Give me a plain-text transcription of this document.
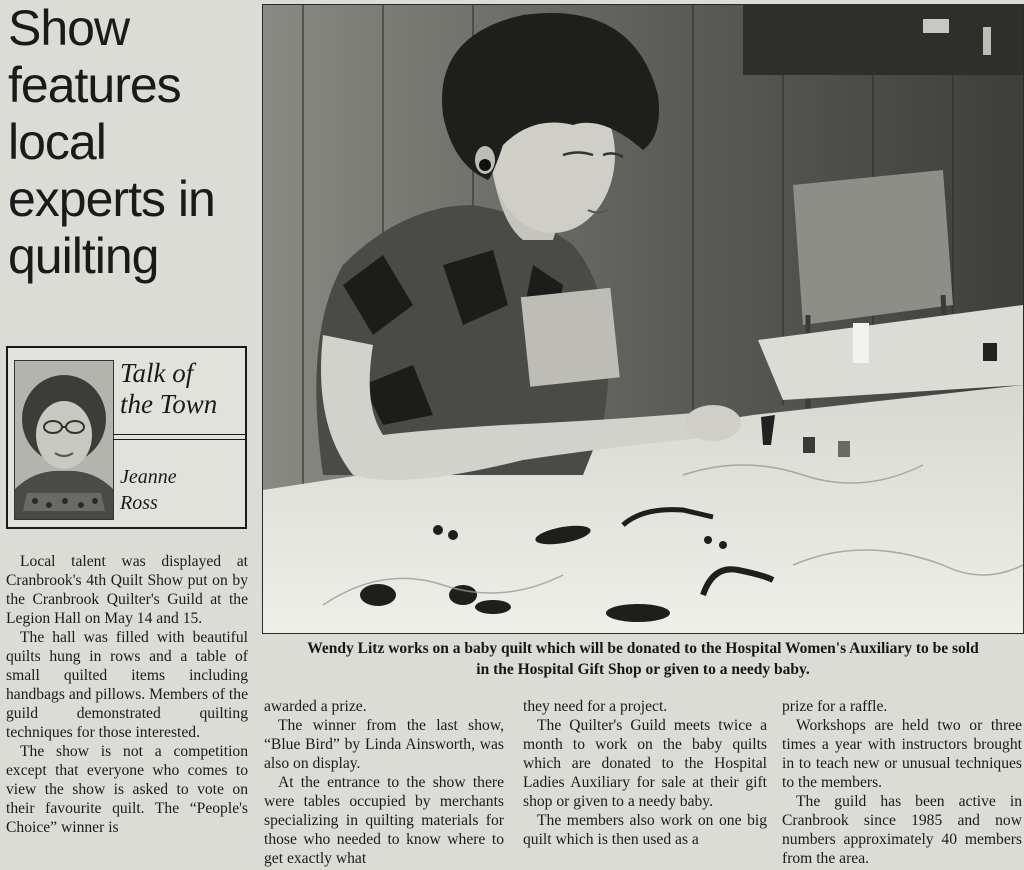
Show
features
local
experts in
quilting
Talk of
the Town
Jeanne
Ross
Wendy Litz works on a baby quilt which will be donated to the Hospital Women's Auxiliary to be sold
in the Hospital Gift Shop or given to a needy baby.

Local talent was displayed at Cranbrook's 4th Quilt Show put on by the Cranbrook Quilter's Guild at the Legion Hall on May 14 and 15.

The hall was filled with beautiful quilts hung in rows and a table of small quilted items including handbags and pillows. Members of the guild demonstrated quilting techniques for those interested.

The show is not a competition except that everyone who comes to view the show is asked to vote on their favourite quilt. The “People's Choice” winner is

awarded a prize.

The winner from the last show, “Blue Bird” by Linda Ainsworth, was also on display.

At the entrance to the show there were tables occupied by merchants specializing in quilting materials for those who needed to know where to get exactly what

they need for a project.

The Quilter's Guild meets twice a month to work on the baby quilts which are donated to the Hospital Ladies Auxiliary for sale at their gift shop or given to a needy baby.

The members also work on one big quilt which is then used as a

prize for a raffle.

Workshops are held two or three times a year with instructors brought in to teach new or unusual techniques to the members.

The guild has been active in Cranbrook since 1985 and now numbers approximately 40 members from the area.
